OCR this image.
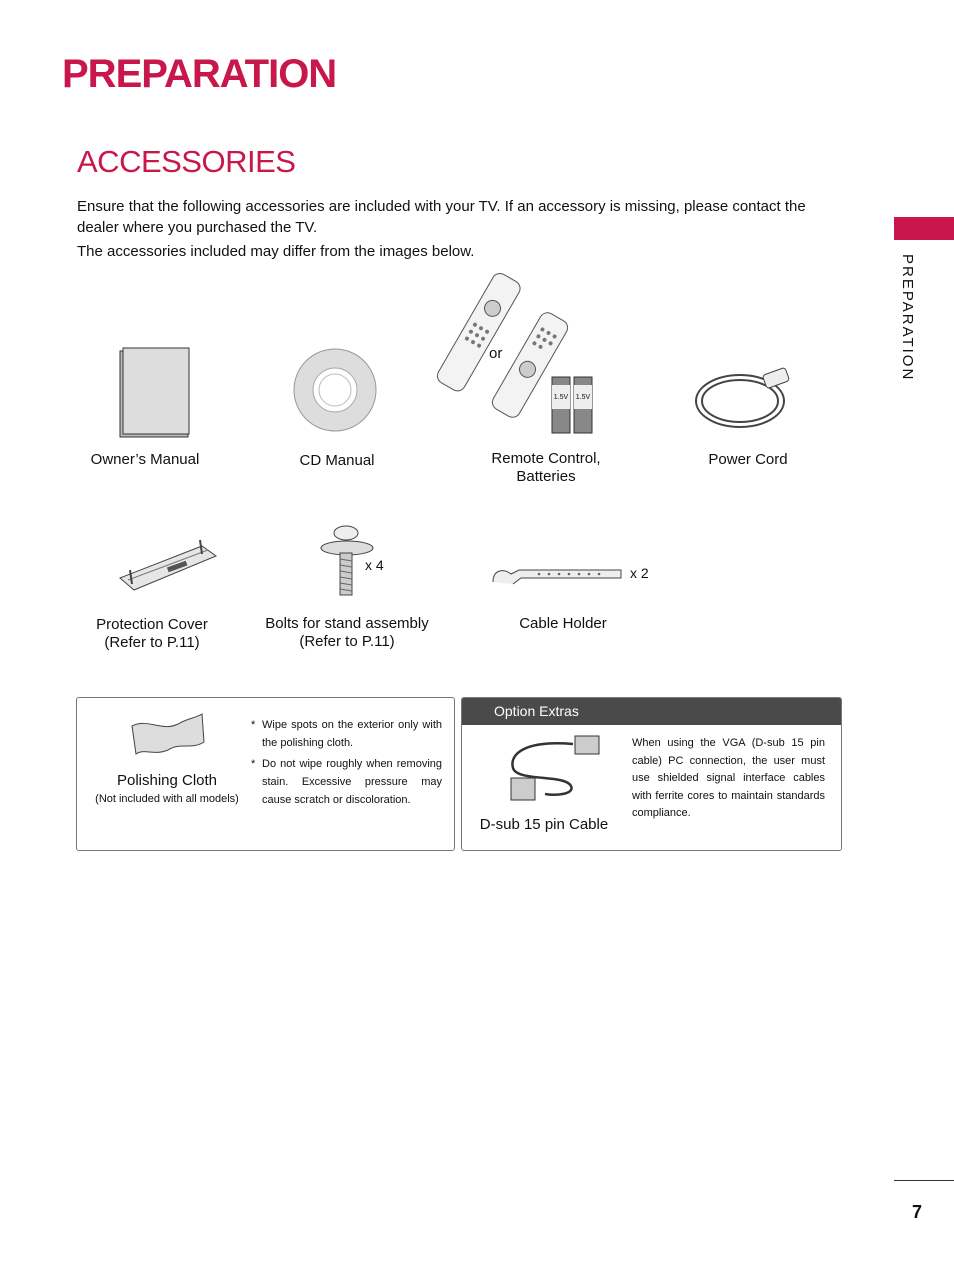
PREPARATION
ACCESSORIES
PREPARATION
Ensure that the following accessories are included with your TV. If an accessory is missing, please contact the dealer where you purchased the TV.
The accessories included may differ from the images below.
or
1.5V 1.5V
Owner’s Manual	CD Manual	Remote Control,
Batteries
Power Cord
x 4	x 2
Protection Cover
(Refer to P.11)
Bolts for stand assembly
(Refer to P.11)
Cable Holder
Polishing Cloth
(Not included with all models)
* Wipe spots on the exterior only with the polishing cloth.
* Do not wipe roughly when removing stain. Excessive pressure may cause scratch or discoloration.
Option Extras
D-sub 15 pin Cable
When using the VGA (D-sub 15 pin cable) PC connection, the user must use shielded signal interface cables with ferrite cores to maintain standards compliance.
7
